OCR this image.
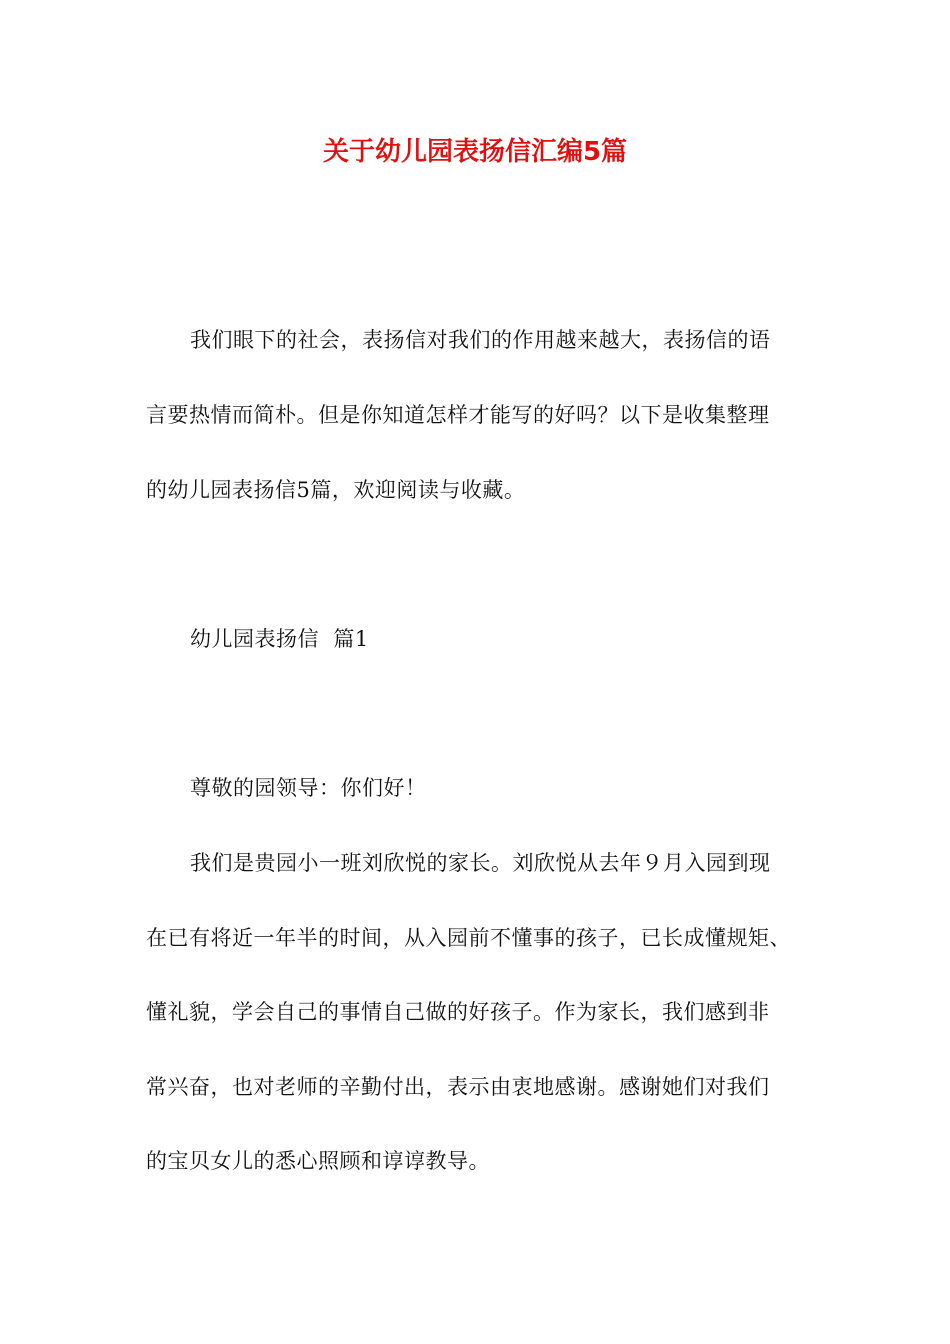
关于幼儿园表扬信汇编5篇
我们眼下的社会，表扬信对我们的作用越来越大，表扬信的语
言要热情而简朴。但是你知道怎样才能写的好吗？以下是收集整理
的幼儿园表扬信5篇，欢迎阅读与收藏。
幼儿园表扬信  篇1
尊敬的园领导：你们好！
我们是贵园小一班刘欣悦的家长。刘欣悦从去年９月入园到现
在已有将近一年半的时间，从入园前不懂事的孩子，已长成懂规矩、
懂礼貌，学会自己的事情自己做的好孩子。作为家长，我们感到非
常兴奋，也对老师的辛勤付出，表示由衷地感谢。感谢她们对我们
的宝贝女儿的悉心照顾和谆谆教导。
